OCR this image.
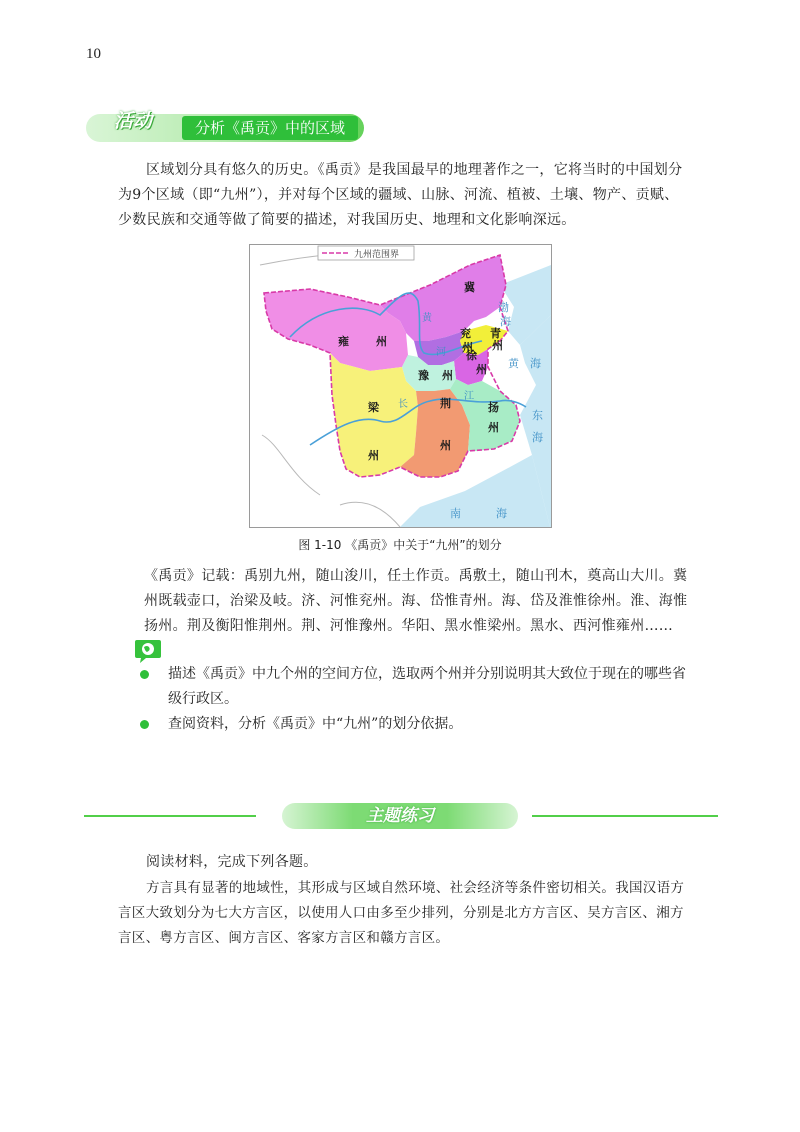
10
活动	分析《禹贡》中的区域

区域划分具有悠久的历史。《禹贡》是我国最早的地理著作之一，它将当时的中国划分为9个区域（即“九州”），并对每个区域的疆域、山脉、河流、植被、土壤、物产、贡赋、少数民族和交通等做了简要的描述，对我国历史、地理和文化影响深远。

九州范围界
冀
雍 州
兖
州
青
州
徐
州
豫 州
梁
州
荆
州
扬
州
渤
海
黄 海
东
海
南	海
黄
河
长
江
图 1-10 《禹贡》中关于“九州”的划分

《禹贡》记载：禹别九州，随山浚川，任土作贡。禹敷土，随山刊木，奠高山大川。冀州既载壶口，治梁及岐。济、河惟兖州。海、岱惟青州。海、岱及淮惟徐州。淮、海惟扬州。荆及衡阳惟荆州。荆、河惟豫州。华阳、黑水惟梁州。黑水、西河惟雍州……

描述《禹贡》中九个州的空间方位，选取两个州并分别说明其大致位于现在的哪些省级行政区。
查阅资料，分析《禹贡》中“九州”的划分依据。
主题练习

阅读材料，完成下列各题。

方言具有显著的地域性，其形成与区域自然环境、社会经济等条件密切相关。我国汉语方言区大致划分为七大方言区，以使用人口由多至少排列，分别是北方方言区、吴方言区、湘方言区、粤方言区、闽方言区、客家方言区和赣方言区。
